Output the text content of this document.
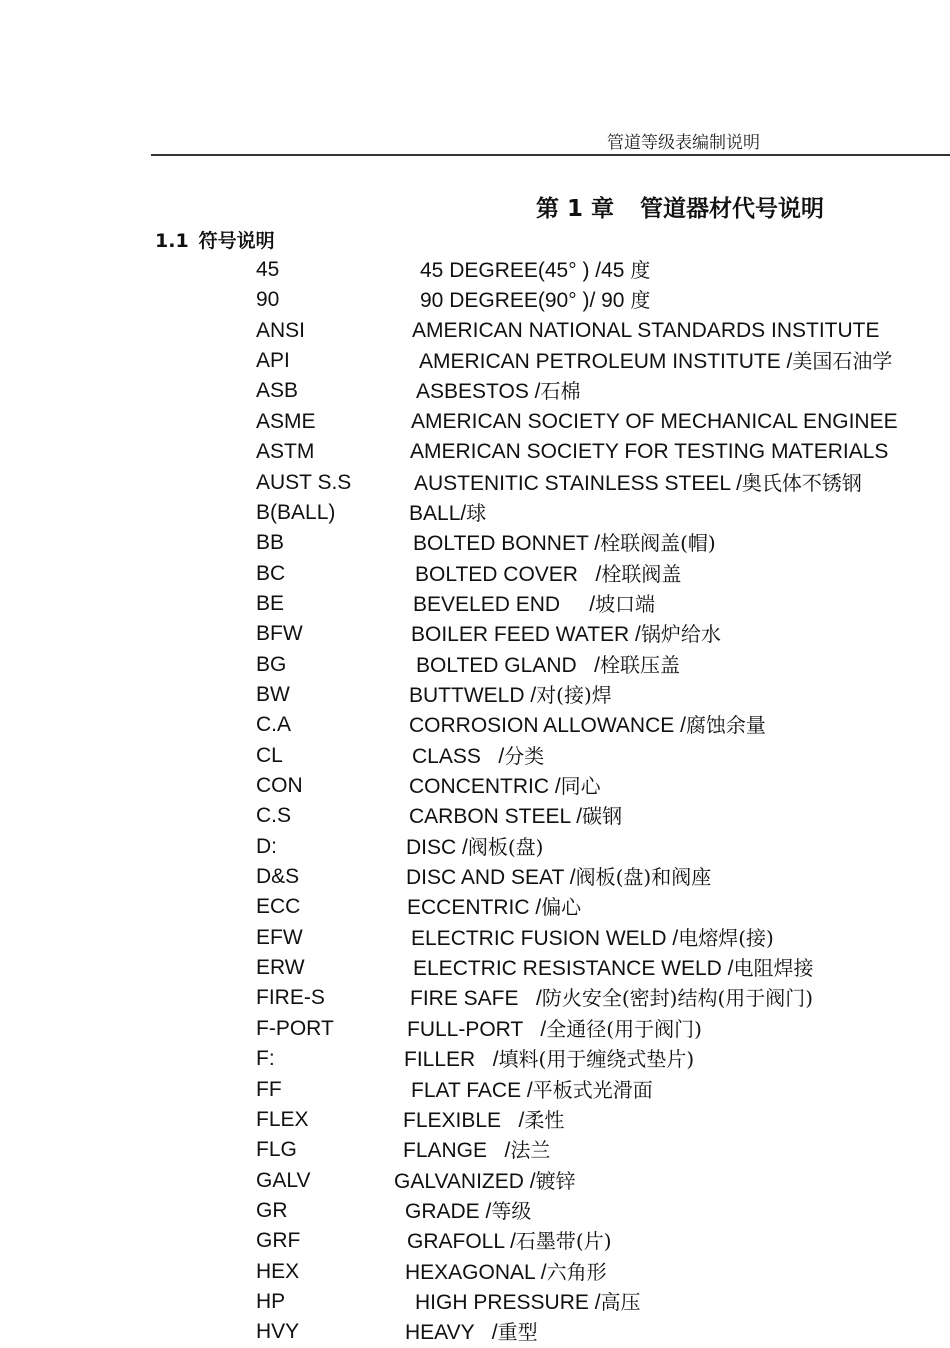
管道等级表编制说明
第 1 章 管道器材代号说明
1.1 符号说明
45	45 DEGREE(45° ) /45 度
90	90 DEGREE(90° )/ 90 度
ANSI	AMERICAN NATIONAL STANDARDS INSTITUTE
API	AMERICAN PETROLEUM INSTITUTE /美国石油学
ASB	ASBESTOS /石棉
ASME	AMERICAN SOCIETY OF MECHANICAL ENGINEE
ASTM	AMERICAN SOCIETY FOR TESTING MATERIALS
AUST S.S	AUSTENITIC STAINLESS STEEL /奥氏体不锈钢
B(BALL)	BALL/球
BB	BOLTED BONNET /栓联阀盖(帽)
BC	BOLTED COVER   /栓联阀盖
BE	BEVELED END     /坡口端
BFW	BOILER FEED WATER /锅炉给水
BG	BOLTED GLAND   /栓联压盖
BW	BUTTWELD /对(接)焊
C.A	CORROSION ALLOWANCE /腐蚀余量
CL	CLASS   /分类
CON	CONCENTRIC /同心
C.S	CARBON STEEL /碳钢
D:	DISC /阀板(盘)
D&S	DISC AND SEAT /阀板(盘)和阀座
ECC	ECCENTRIC /偏心
EFW	ELECTRIC FUSION WELD /电熔焊(接)
ERW	ELECTRIC RESISTANCE WELD /电阻焊接
FIRE-S	FIRE SAFE   /防火安全(密封)结构(用于阀门)
F-PORT	FULL-PORT   /全通径(用于阀门)
F:	FILLER   /填料(用于缠绕式垫片)
FF	FLAT FACE /平板式光滑面
FLEX	FLEXIBLE   /柔性
FLG	FLANGE   /法兰
GALV	GALVANIZED /镀锌
GR	GRADE /等级
GRF	GRAFOLL /石墨带(片)
HEX	HEXAGONAL /六角形
HP	HIGH PRESSURE /高压
HVY	HEAVY   /重型
